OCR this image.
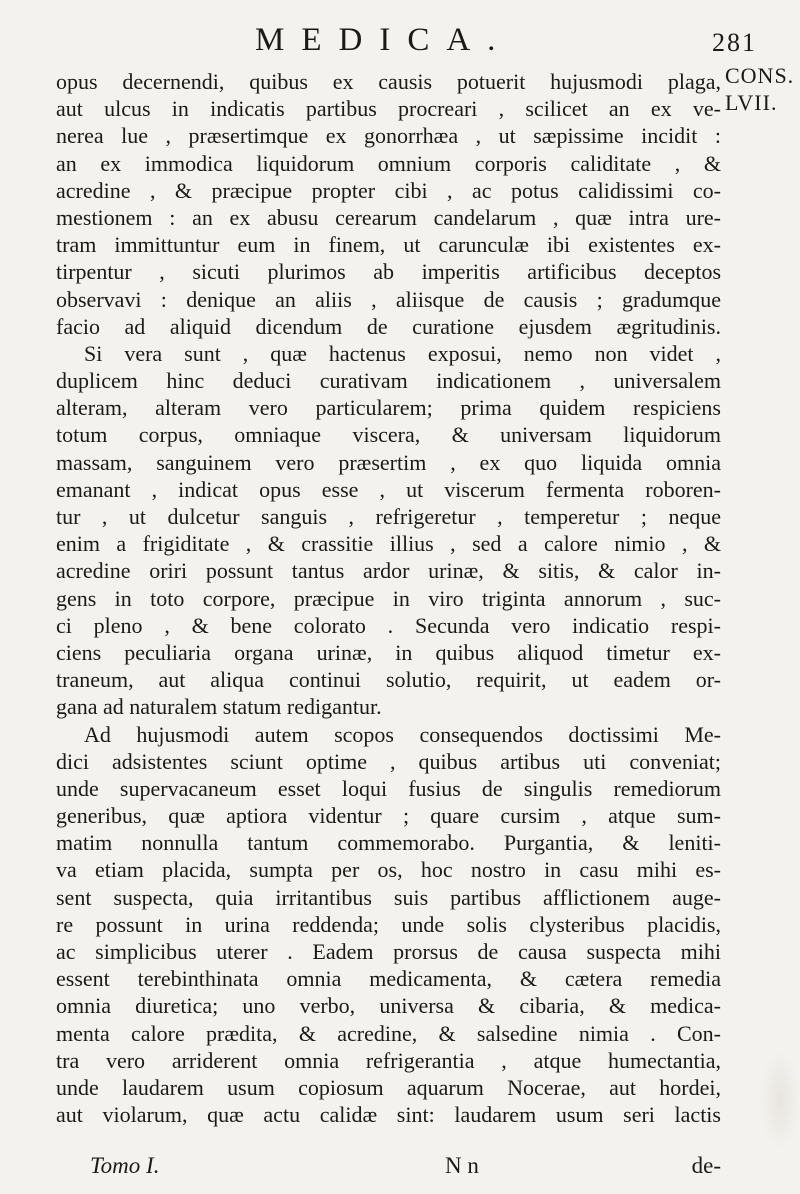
MEDICA.	281
CONS.
LVII.
opus decernendi, quibus ex causis potuerit hujusmodi plaga,
aut ulcus in indicatis partibus procreari , scilicet an ex ve-
nerea lue , præsertimque ex gonorrhæa , ut sæpissime incidit :
an ex immodica liquidorum omnium corporis caliditate , &
acredine , & præcipue propter cibi , ac potus calidissimi co-
mestionem : an ex abusu cerearum candelarum , quæ intra ure-
tram immittuntur eum in finem, ut carunculæ ibi existentes ex-
tirpentur , sicuti plurimos ab imperitis artificibus deceptos
observavi : denique an aliis , aliisque de causis ; gradumque
facio ad aliquid dicendum de curatione ejusdem ægritudinis.
Si vera sunt , quæ hactenus exposui, nemo non videt ,
duplicem hinc deduci curativam indicationem , universalem
alteram, alteram vero particularem; prima quidem respiciens
totum corpus, omniaque viscera, & universam liquidorum
massam, sanguinem vero præsertim , ex quo liquida omnia
emanant , indicat opus esse , ut viscerum fermenta roboren-
tur , ut dulcetur sanguis , refrigeretur , temperetur ; neque
enim a frigiditate , & crassitie illius , sed a calore nimio , &
acredine oriri possunt tantus ardor urinæ, & sitis, & calor in-
gens in toto corpore, præcipue in viro triginta annorum , suc-
ci pleno , & bene colorato . Secunda vero indicatio respi-
ciens peculiaria organa urinæ, in quibus aliquod timetur ex-
traneum, aut aliqua continui solutio, requirit, ut eadem or-
gana ad naturalem statum redigantur.
Ad hujusmodi autem scopos consequendos doctissimi Me-
dici adsistentes sciunt optime , quibus artibus uti conveniat;
unde supervacaneum esset loqui fusius de singulis remediorum
generibus, quæ aptiora videntur ; quare cursim , atque sum-
matim nonnulla tantum commemorabo. Purgantia, & leniti-
va etiam placida, sumpta per os, hoc nostro in casu mihi es-
sent suspecta, quia irritantibus suis partibus afflictionem auge-
re possunt in urina reddenda; unde solis clysteribus placidis,
ac simplicibus uterer . Eadem prorsus de causa suspecta mihi
essent terebinthinata omnia medicamenta, & cætera remedia
omnia diuretica; uno verbo, universa & cibaria, & medica-
menta calore prædita, & acredine, & salsedine nimia . Con-
tra vero arriderent omnia refrigerantia , atque humectantia,
unde laudarem usum copiosum aquarum Nocerae, aut hordei,
aut violarum, quæ actu calidæ sint: laudarem usum seri lactis
Tomo I.	N n	de-
